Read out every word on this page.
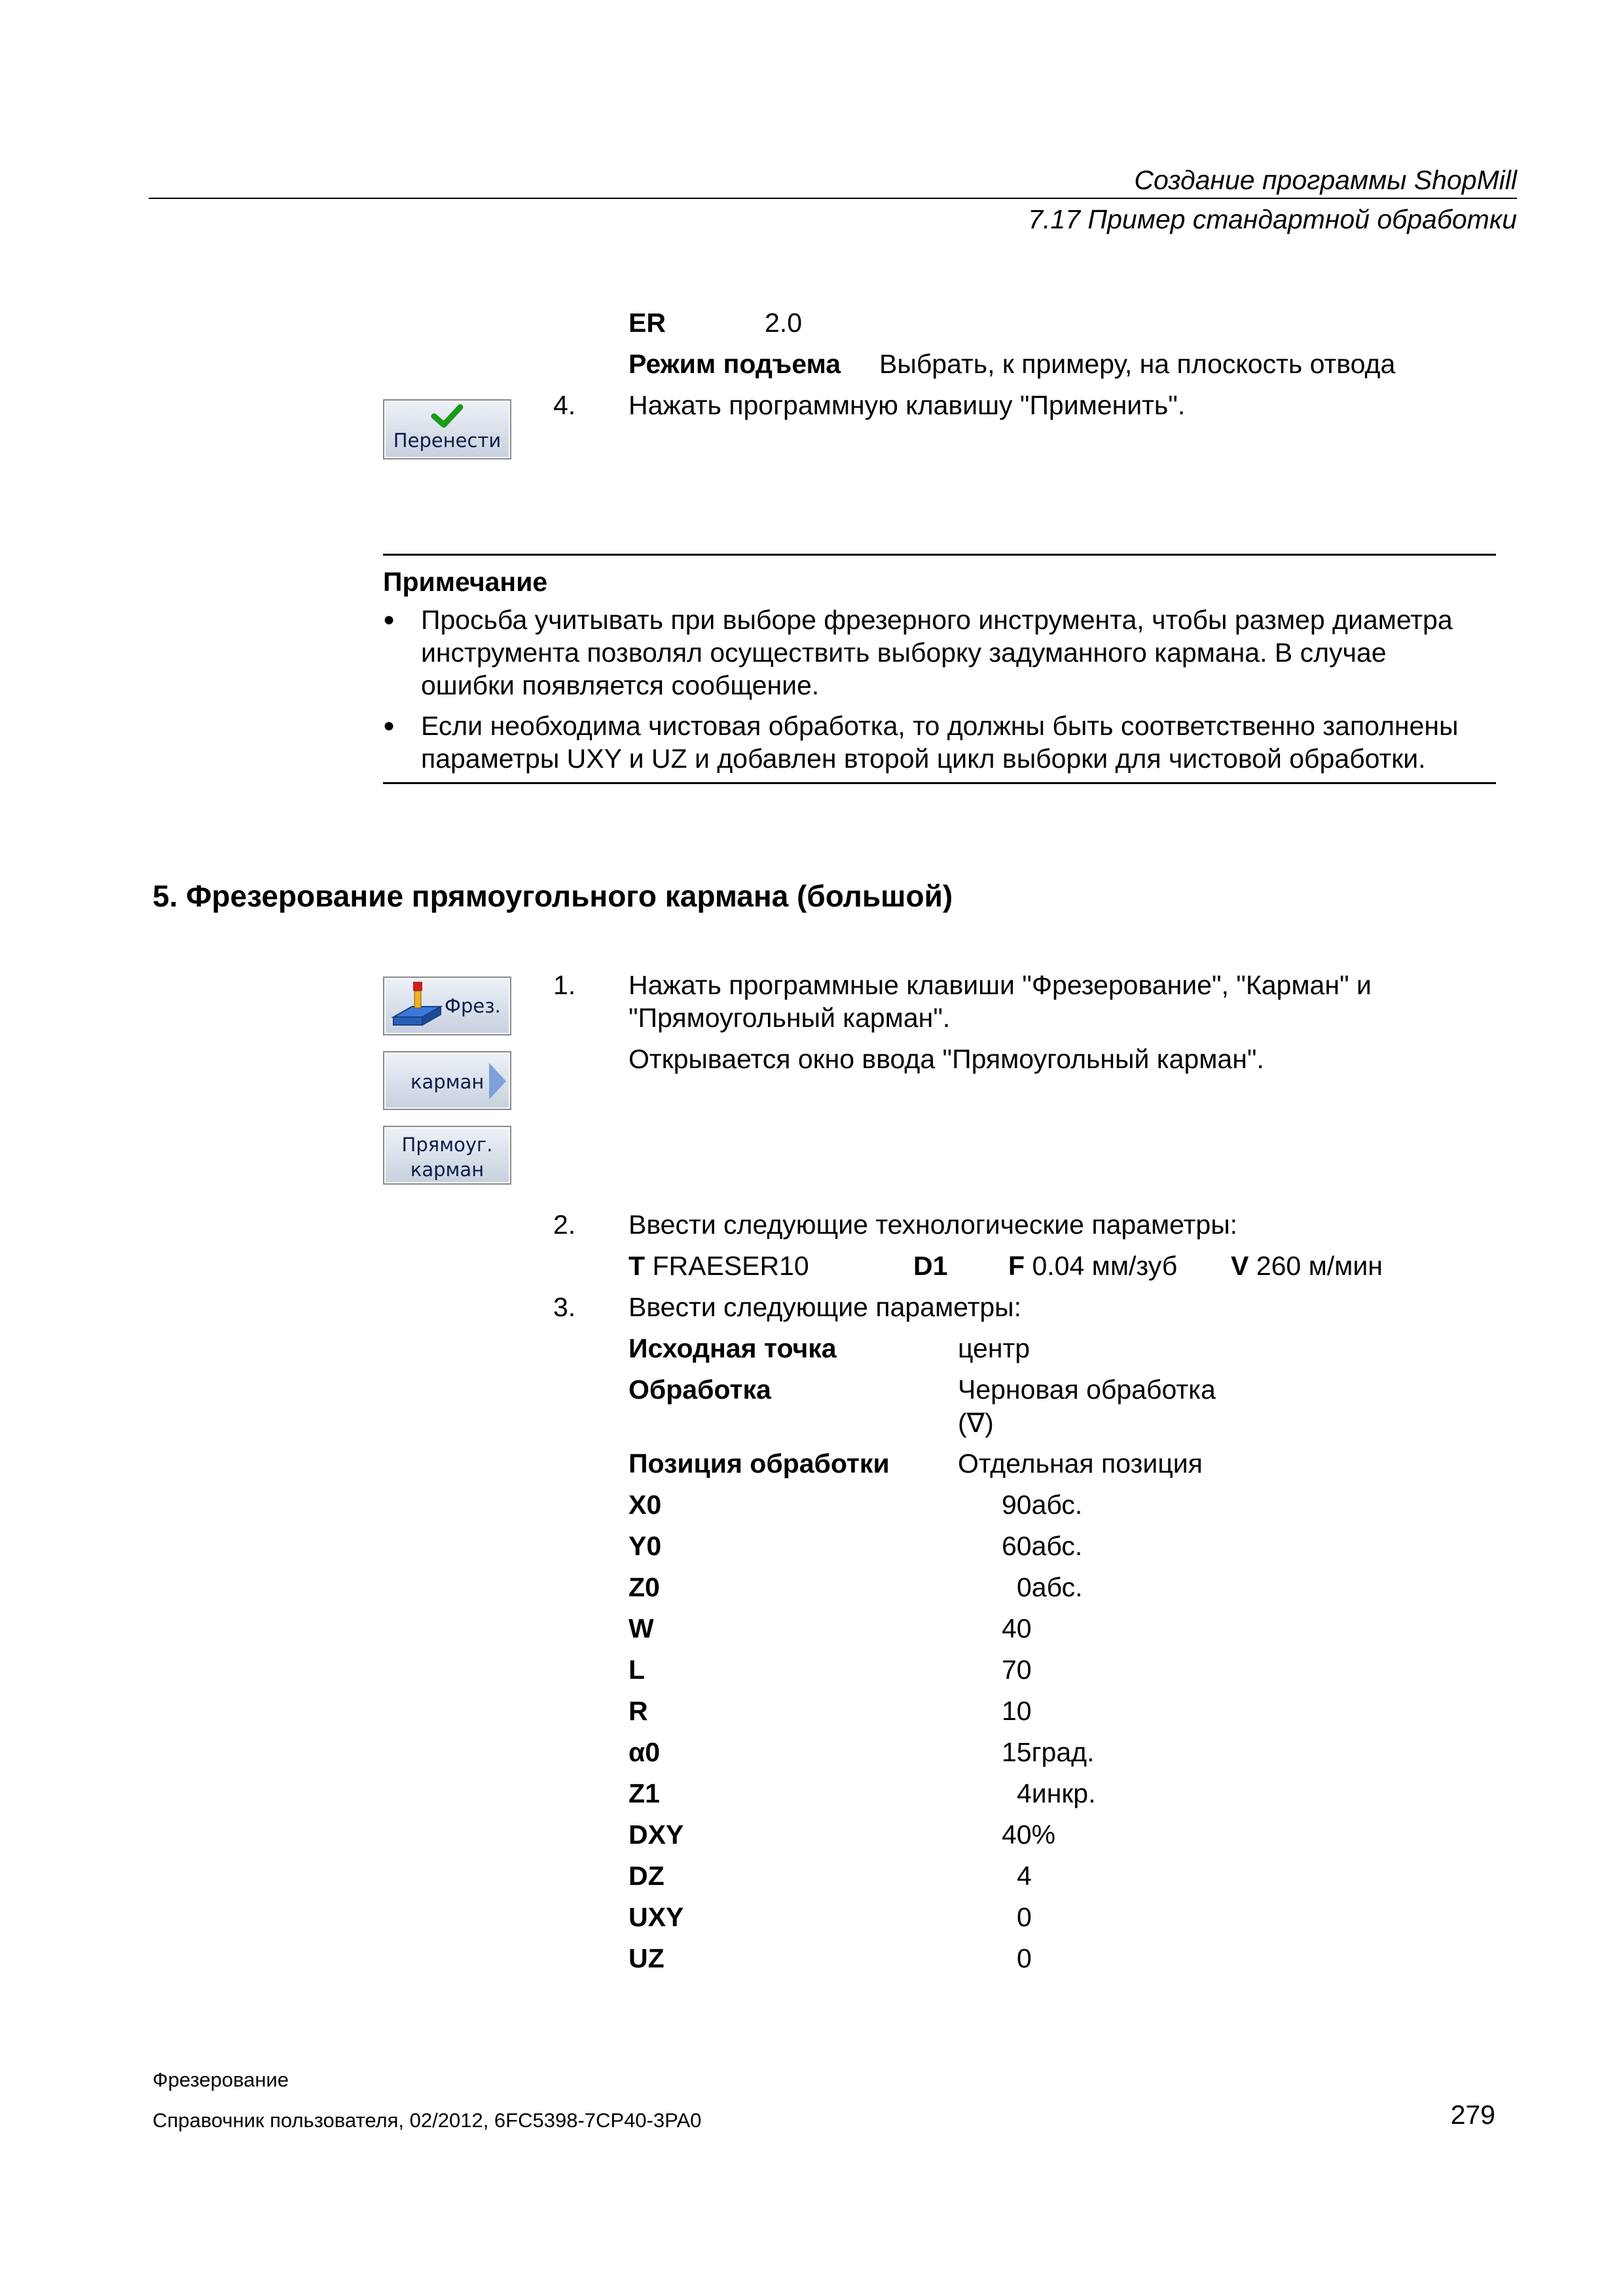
Создание программы ShopMill
7.17 Пример стандартной обработки
ER	2.0
Режим подъема Выбрать, к примеру, на плоскость отвода
Перенести
4. Нажать программную клавишу "Применить".
Примечание
● Просьба учитывать при выборе фрезерного инструмента, чтобы размер диаметра
инструмента позволял осуществить выборку задуманного кармана. В случае
ошибки появляется сообщение.
● Если необходима чистовая обработка, то должны быть соответственно заполнены
параметры UXY и UZ и добавлен второй цикл выборки для чистовой обработки.
5. Фрезерование прямоугольного кармана (большой)
Фрез.
карман
Прямоуг.
карман
1. Нажать программные клавиши "Фрезерование", "Карман" и
"Прямоугольный карман".
Открывается окно ввода "Прямоугольный карман".
2. Ввести следующие технологические параметры:
T FRAESER10	D1 F 0.04 мм/зуб V 260 м/мин
3. Ввести следующие параметры:
Исходная точка	центр
Обработка	Черновая обработка
(∇)
Позиция обработки	Отдельная позиция
X0	90абс.
Y0	60абс.
Z0	0абс.
W	40
L	70
R	10
α0	15град.
Z1	4инкр.
DXY	40%
DZ	4
UXY	0
UZ	0
Фрезерование
Справочник пользователя, 02/2012, 6FC5398-7CP40-3PA0	279
